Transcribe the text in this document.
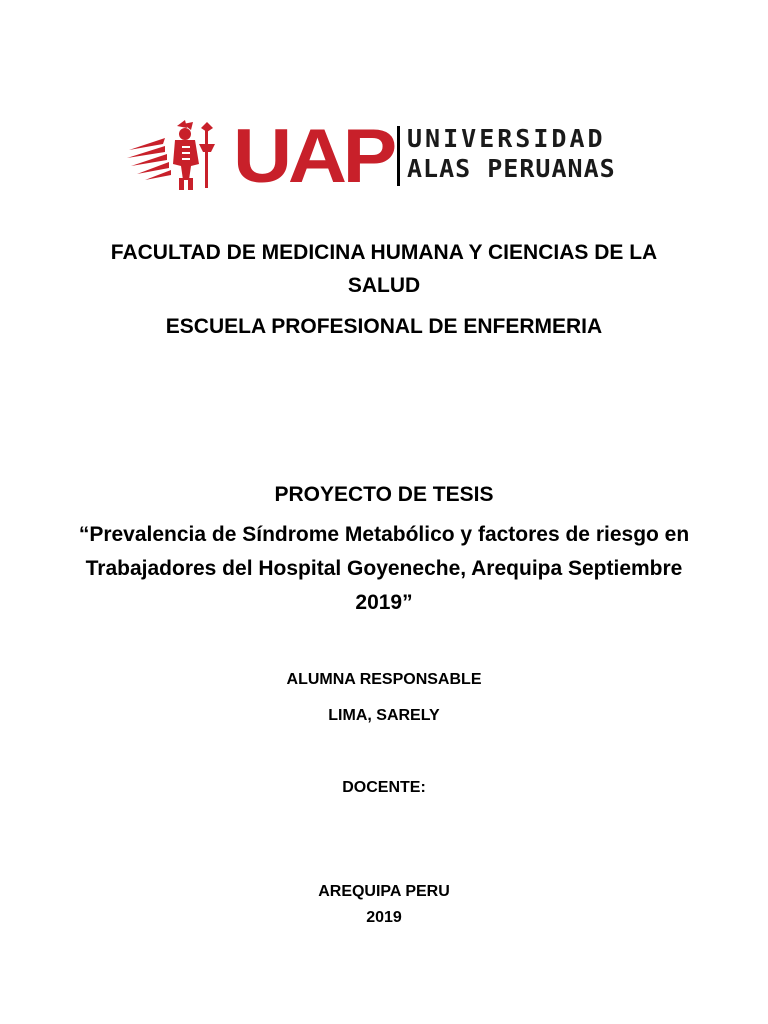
UAP UNIVERSIDAD
ALAS PERUANAS
FACULTAD DE MEDICINA HUMANA Y CIENCIAS DE LA SALUD
ESCUELA PROFESIONAL DE ENFERMERIA
PROYECTO DE TESIS
“Prevalencia de Síndrome Metabólico y factores de riesgo en Trabajadores del Hospital Goyeneche, Arequipa Septiembre 2019”
ALUMNA RESPONSABLE
LIMA, SARELY
DOCENTE:
AREQUIPA PERU
2019
